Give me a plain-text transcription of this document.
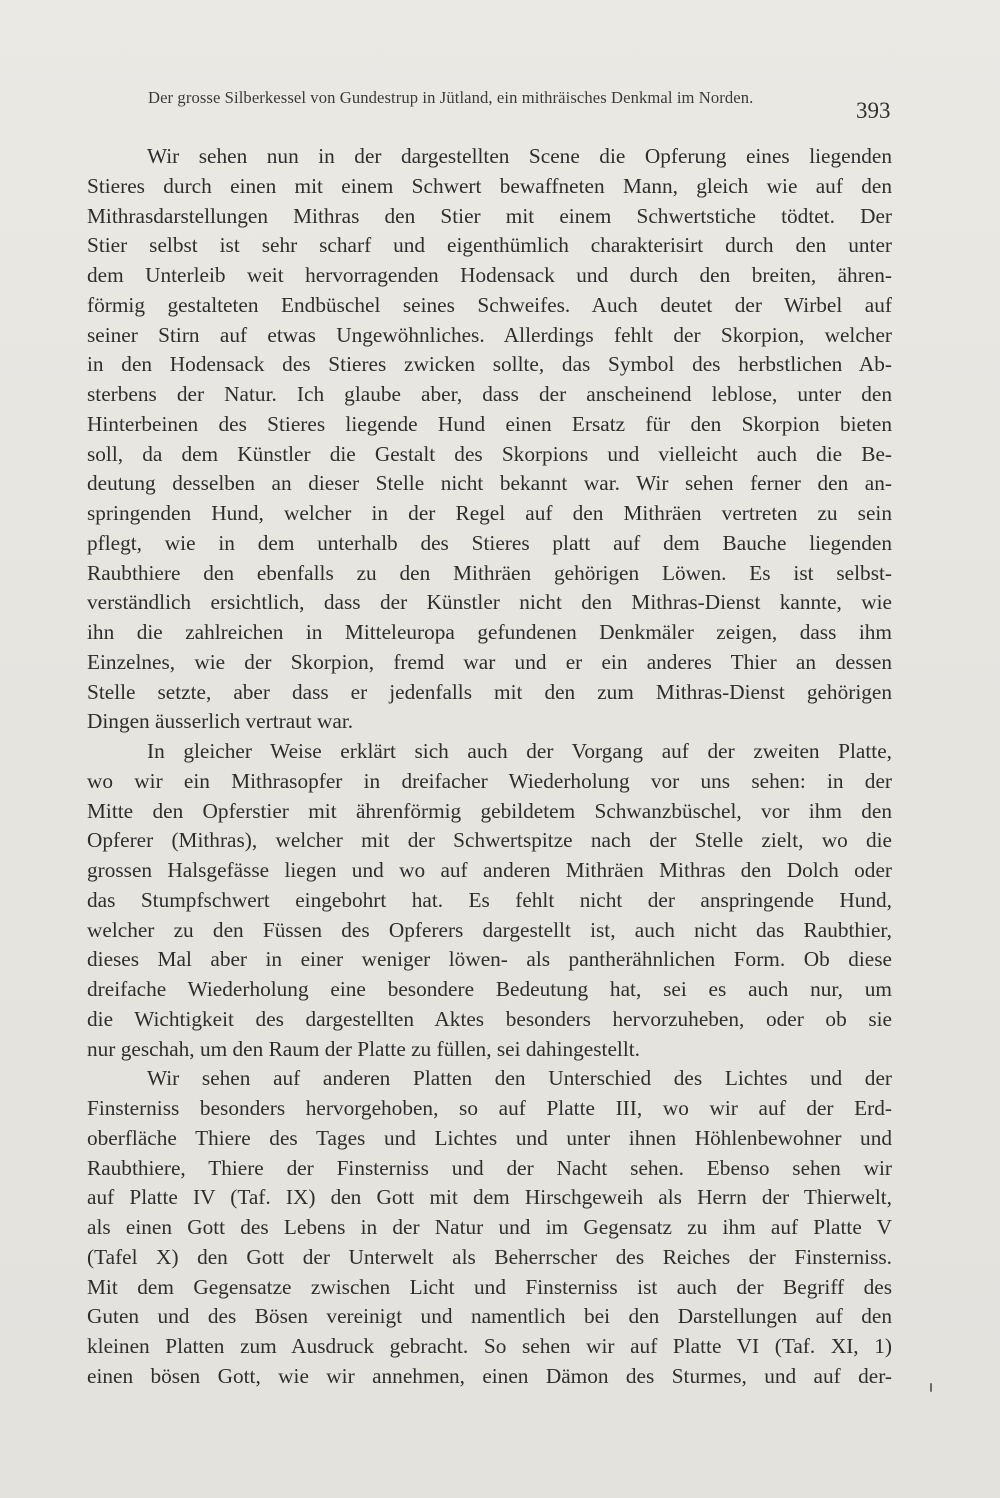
Der grosse Silberkessel von Gundestrup in Jütland, ein mithräisches Denkmal im Norden.
393
Wir sehen nun in der dargestellten Scene die Opferung eines liegenden
Stieres durch einen mit einem Schwert bewaffneten Mann, gleich wie auf den
Mithrasdarstellungen Mithras den Stier mit einem Schwertstiche tödtet. Der
Stier selbst ist sehr scharf und eigenthümlich charakterisirt durch den unter
dem Unterleib weit hervorragenden Hodensack und durch den breiten, ähren-
förmig gestalteten Endbüschel seines Schweifes. Auch deutet der Wirbel auf
seiner Stirn auf etwas Ungewöhnliches. Allerdings fehlt der Skorpion, welcher
in den Hodensack des Stieres zwicken sollte, das Symbol des herbstlichen Ab-
sterbens der Natur. Ich glaube aber, dass der anscheinend leblose, unter den
Hinterbeinen des Stieres liegende Hund einen Ersatz für den Skorpion bieten
soll, da dem Künstler die Gestalt des Skorpions und vielleicht auch die Be-
deutung desselben an dieser Stelle nicht bekannt war. Wir sehen ferner den an-
springenden Hund, welcher in der Regel auf den Mithräen vertreten zu sein
pflegt, wie in dem unterhalb des Stieres platt auf dem Bauche liegenden
Raubthiere den ebenfalls zu den Mithräen gehörigen Löwen. Es ist selbst-
verständlich ersichtlich, dass der Künstler nicht den Mithras-Dienst kannte, wie
ihn die zahlreichen in Mitteleuropa gefundenen Denkmäler zeigen, dass ihm
Einzelnes, wie der Skorpion, fremd war und er ein anderes Thier an dessen
Stelle setzte, aber dass er jedenfalls mit den zum Mithras-Dienst gehörigen
Dingen äusserlich vertraut war.
In gleicher Weise erklärt sich auch der Vorgang auf der zweiten Platte,
wo wir ein Mithrasopfer in dreifacher Wiederholung vor uns sehen: in der
Mitte den Opferstier mit ährenförmig gebildetem Schwanzbüschel, vor ihm den
Opferer (Mithras), welcher mit der Schwertspitze nach der Stelle zielt, wo die
grossen Halsgefässe liegen und wo auf anderen Mithräen Mithras den Dolch oder
das Stumpfschwert eingebohrt hat. Es fehlt nicht der anspringende Hund,
welcher zu den Füssen des Opferers dargestellt ist, auch nicht das Raubthier,
dieses Mal aber in einer weniger löwen- als pantherähnlichen Form. Ob diese
dreifache Wiederholung eine besondere Bedeutung hat, sei es auch nur, um
die Wichtigkeit des dargestellten Aktes besonders hervorzuheben, oder ob sie
nur geschah, um den Raum der Platte zu füllen, sei dahingestellt.
Wir sehen auf anderen Platten den Unterschied des Lichtes und der
Finsterniss besonders hervorgehoben, so auf Platte III, wo wir auf der Erd-
oberfläche Thiere des Tages und Lichtes und unter ihnen Höhlenbewohner und
Raubthiere, Thiere der Finsterniss und der Nacht sehen. Ebenso sehen wir
auf Platte IV (Taf. IX) den Gott mit dem Hirschgeweih als Herrn der Thierwelt,
als einen Gott des Lebens in der Natur und im Gegensatz zu ihm auf Platte V
(Tafel X) den Gott der Unterwelt als Beherrscher des Reiches der Finsterniss.
Mit dem Gegensatze zwischen Licht und Finsterniss ist auch der Begriff des
Guten und des Bösen vereinigt und namentlich bei den Darstellungen auf den
kleinen Platten zum Ausdruck gebracht. So sehen wir auf Platte VI (Taf. XI, 1)
einen bösen Gott, wie wir annehmen, einen Dämon des Sturmes, und auf der-
